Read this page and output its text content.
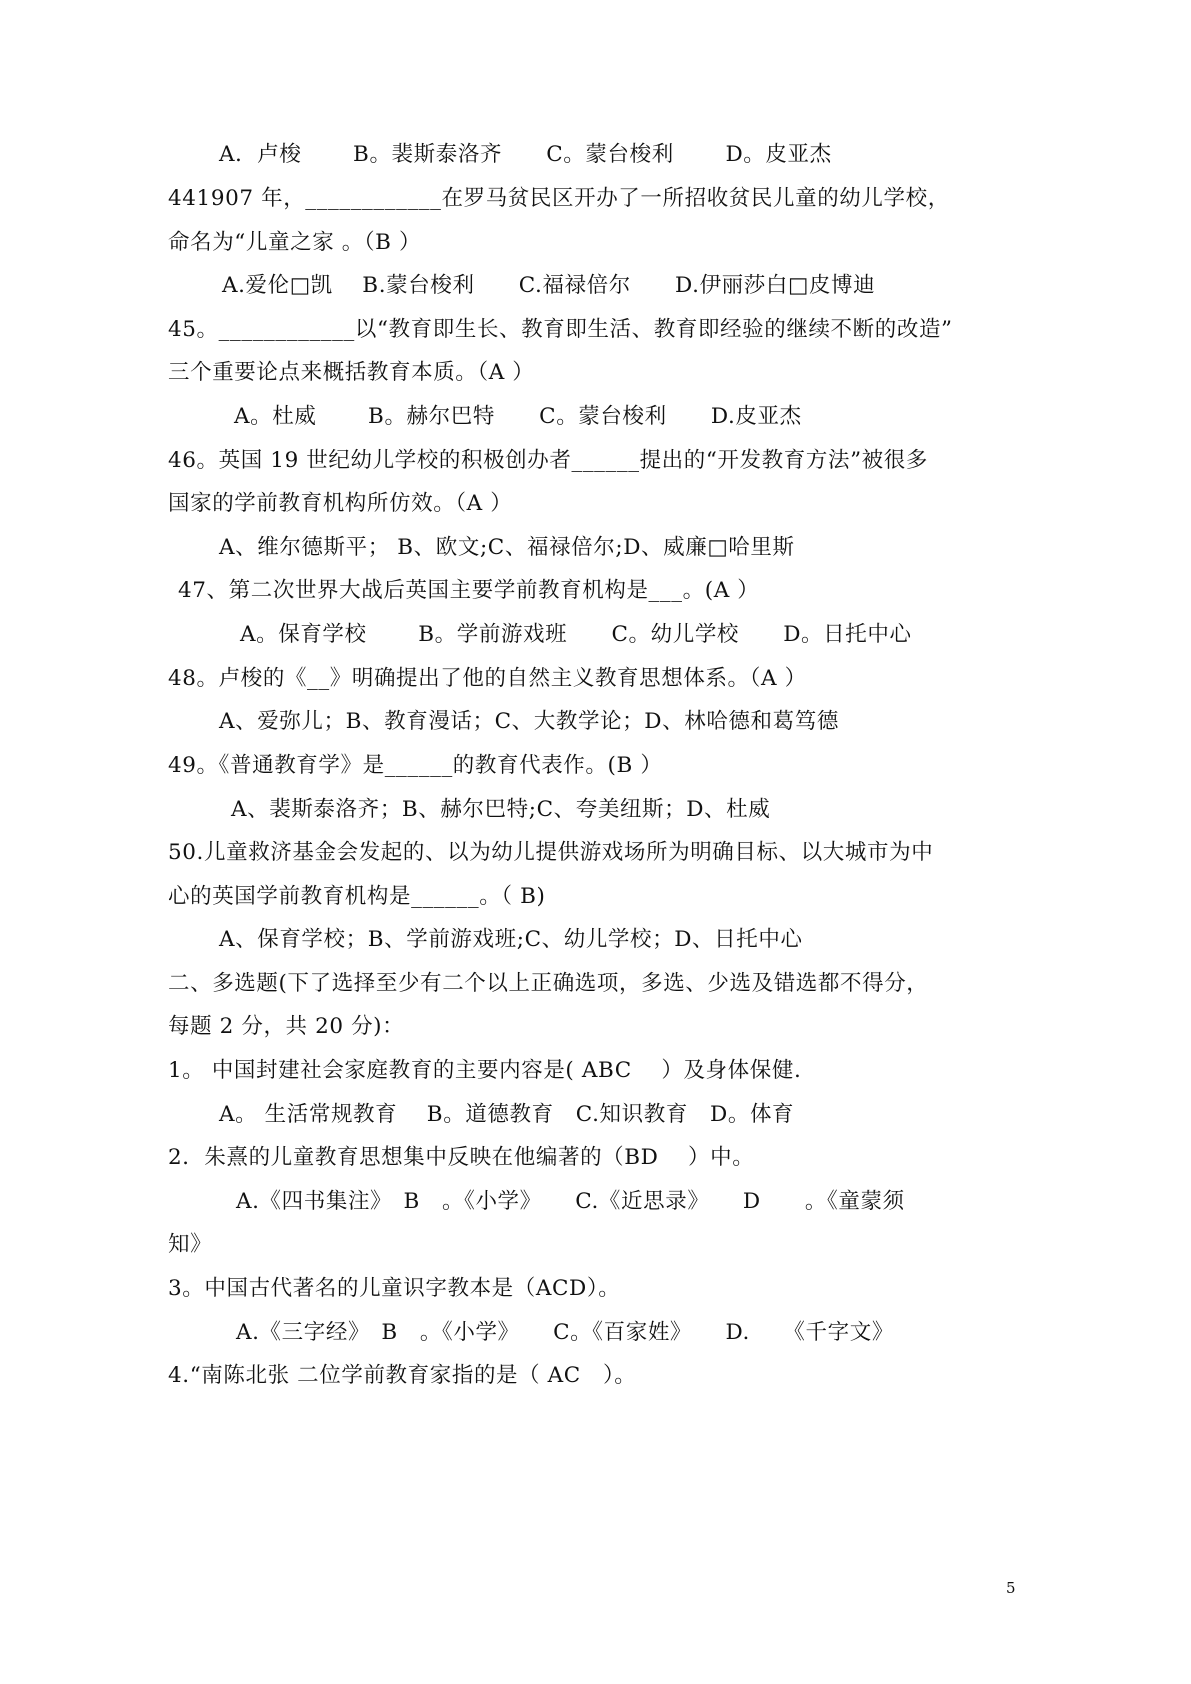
A．卢梭　　 B。裴斯泰洛齐　　C。蒙台梭利　　 D。皮亚杰
441907 年，____________在罗马贫民区开办了一所招收贫民儿童的幼儿学校，
命名为“儿童之家 。（B ）
A.爱伦□凯　 B.蒙台梭利　　C.福禄倍尔　　D.伊丽莎白□皮博迪
45。____________以“教育即生长、教育即生活、教育即经验的继续不断的改造”
三个重要论点来概括教育本质。（A ）
A。杜威　　 B。赫尔巴特　　C。蒙台梭利　　D.皮亚杰
46。英国 19 世纪幼儿学校的积极创办者______提出的“开发教育方法”被很多
国家的学前教育机构所仿效。（A ）
A、维尔德斯平； B、欧文;C、福禄倍尔;D、威廉□哈里斯
47、第二次世界大战后英国主要学前教育机构是___。(A ）
A。保育学校　　 B。学前游戏班　　C。幼儿学校　　D。日托中心
48。卢梭的《__》明确提出了他的自然主义教育思想体系。（A ）
A、爱弥儿；B、教育漫话；C、大教学论；D、林哈德和葛笃德
49。《普通教育学》是______的教育代表作。(B ）
A、裴斯泰洛齐；B、赫尔巴特;C、夸美纽斯；D、杜威
50.儿童救济基金会发起的、以为幼儿提供游戏场所为明确目标、以大城市为中
心的英国学前教育机构是______。（ B)
A、保育学校；B、学前游戏班;C、幼儿学校；D、日托中心
二、多选题(下了选择至少有二个以上正确选项，多选、少选及错选都不得分，
每题 2 分，共 20 分)：
1。 中国封建社会家庭教育的主要内容是( ABC　 ）及身体保健.
A。 生活常规教育　 B。道德教育　C.知识教育　D。体育
2．朱熹的儿童教育思想集中反映在他编著的（BD　 ）中。
A.《四书集注》　B　。《小学》　　C.《近思录》　　D　　。《童蒙须
知》
3。中国古代著名的儿童识字教本是（ACD）。
A.《三字经》　B　。《小学》　　C。《百家姓》　　D.　　《千字文》
4.“南陈北张 二位学前教育家指的是（ AC　）。
5
